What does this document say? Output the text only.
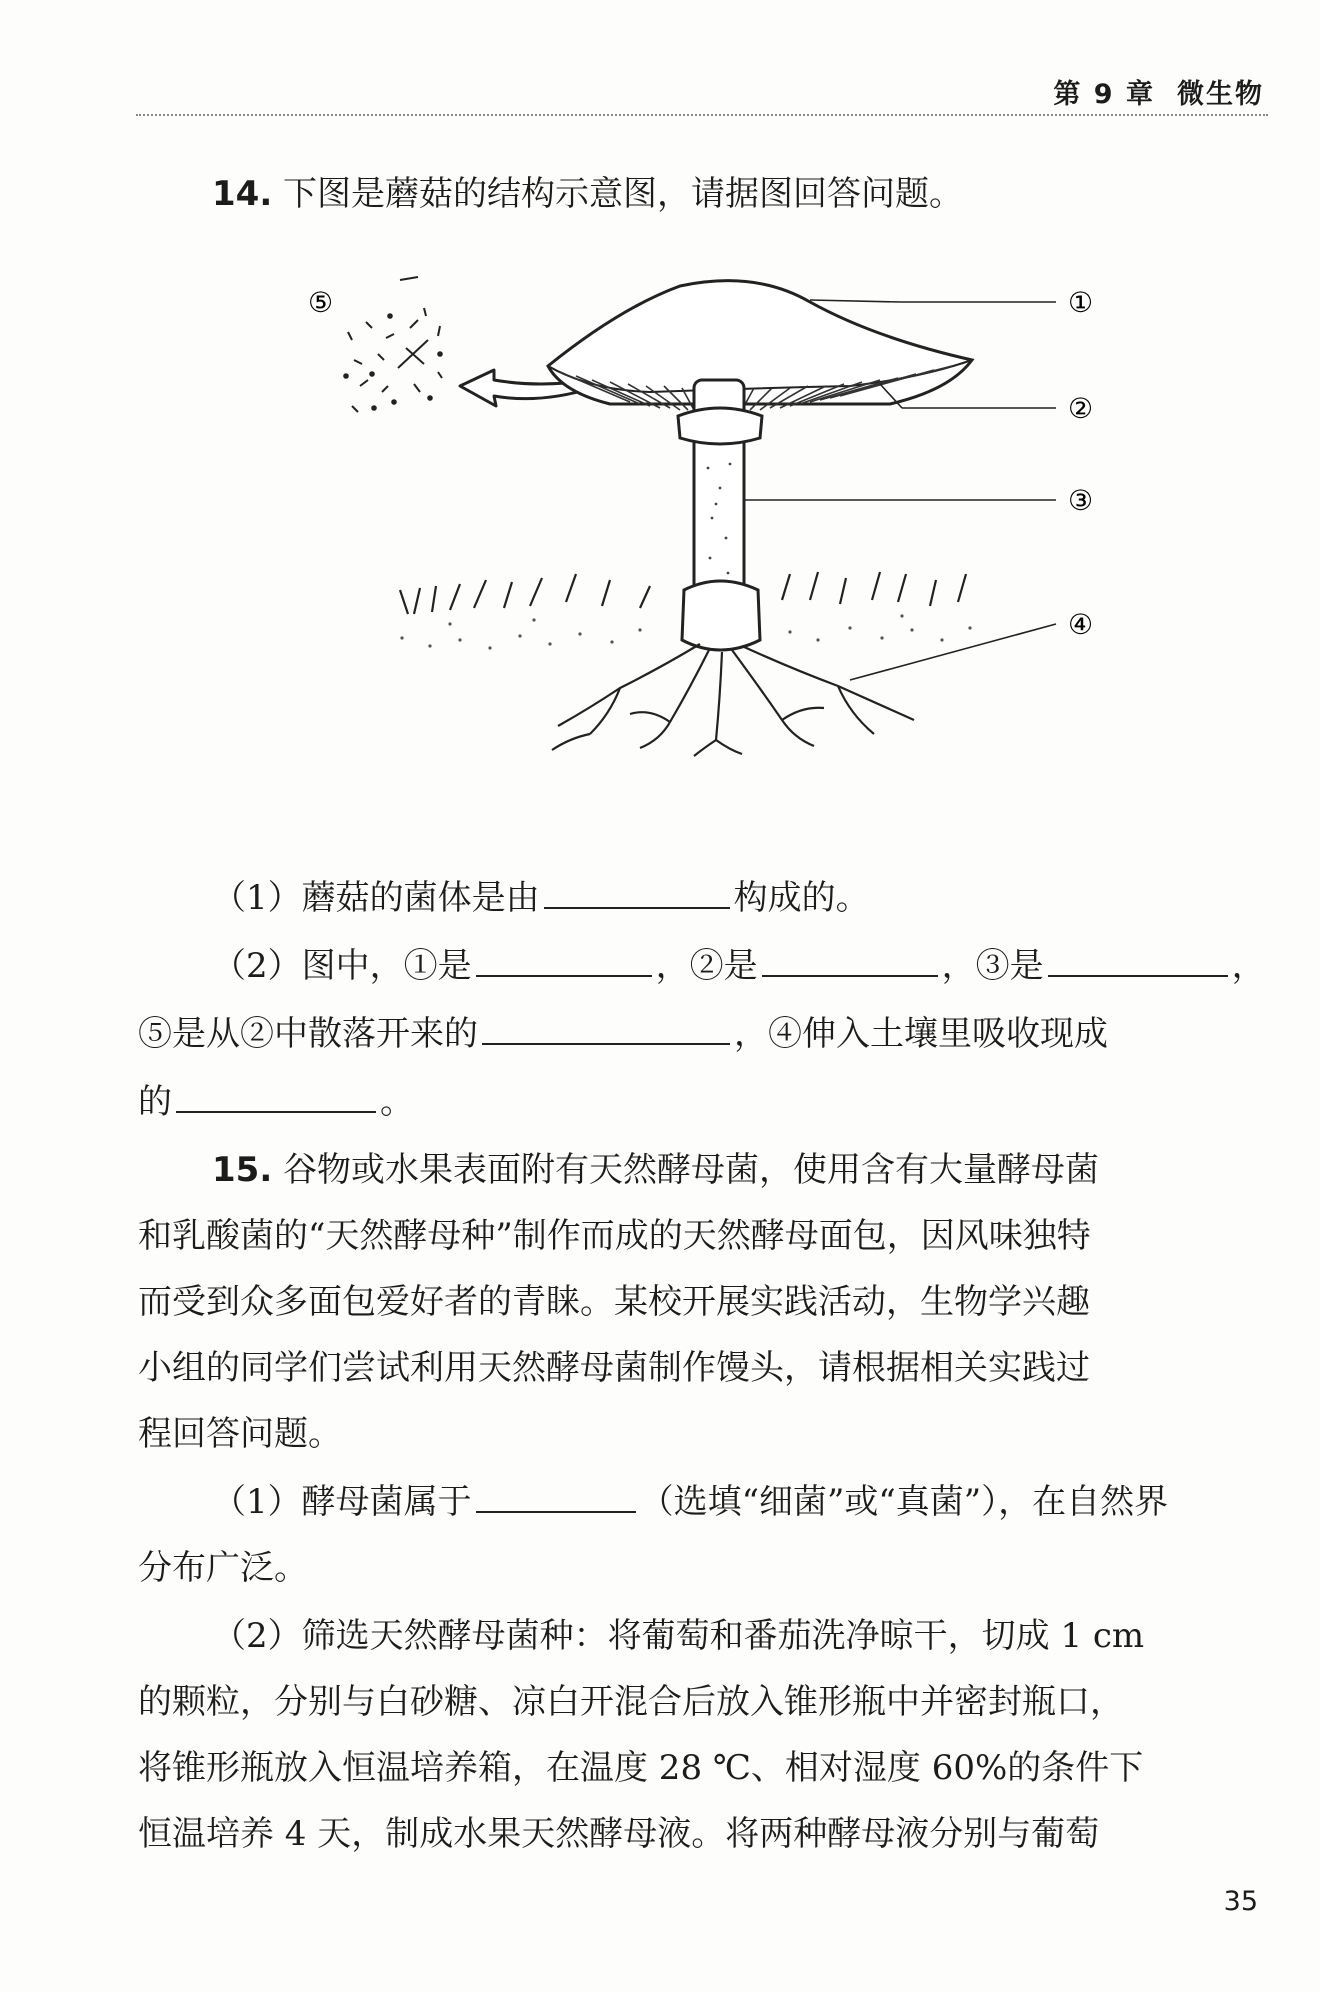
第 9 章 微生物
14. 下图是蘑菇的结构示意图，请据图回答问题。
①
②
③
④
⑤
（1）蘑菇的菌体是由	构成的。
（2）图中，①是	，②是	，③是	，
⑤是从②中散落开来的	，④伸入土壤里吸收现成
的	。
15. 谷物或水果表面附有天然酵母菌，使用含有大量酵母菌
和乳酸菌的“天然酵母种”制作而成的天然酵母面包，因风味独特
而受到众多面包爱好者的青睐。某校开展实践活动，生物学兴趣
小组的同学们尝试利用天然酵母菌制作馒头，请根据相关实践过
程回答问题。
（1）酵母菌属于	（选填“细菌”或“真菌”），在自然界
分布广泛。
（2）筛选天然酵母菌种：将葡萄和番茄洗净晾干，切成 1 cm
的颗粒，分别与白砂糖、凉白开混合后放入锥形瓶中并密封瓶口，
将锥形瓶放入恒温培养箱，在温度 28 ℃、相对湿度 60%的条件下
恒温培养 4 天，制成水果天然酵母液。将两种酵母液分别与葡萄
35
